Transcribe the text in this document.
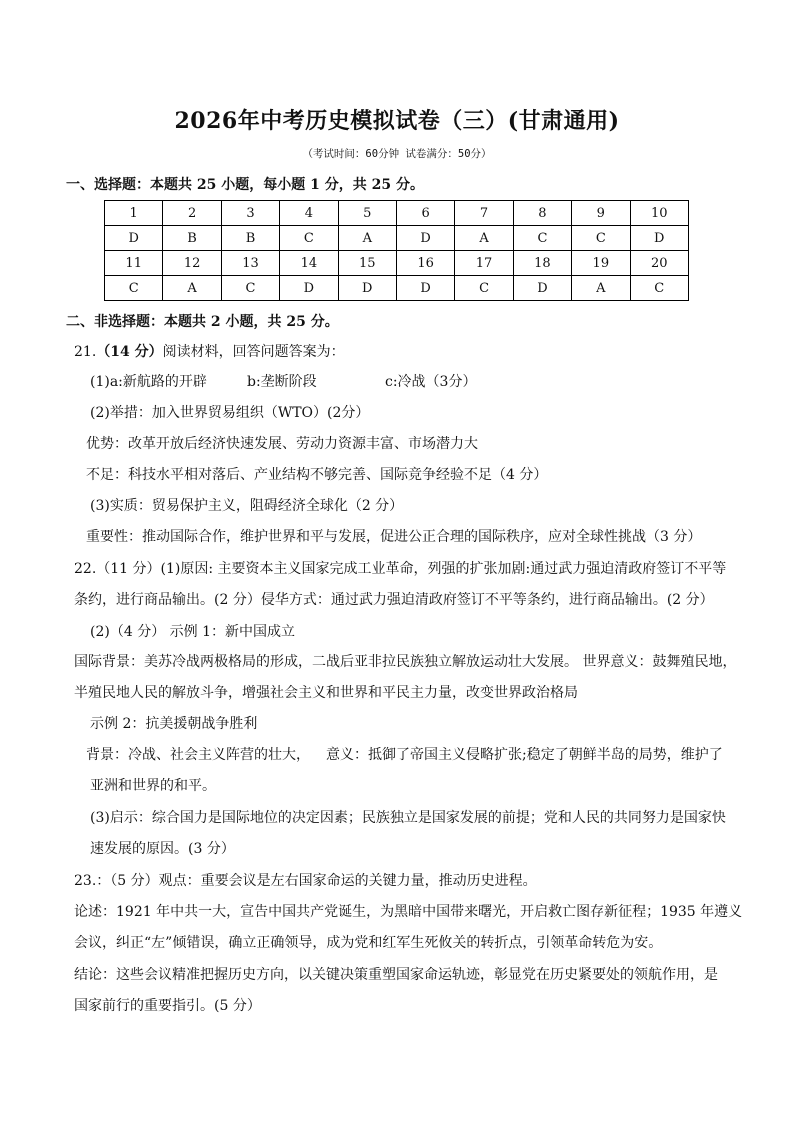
2026年中考历史模拟试卷（三）(甘肃通用)
（考试时间：60分钟 试卷满分：50分）
一、选择题：本题共 25 小题，每小题 1 分，共 25 分。
1	2	3	4	5	6	7	8	9	10
D	B	B	C	A	D	A	C	C	D
11	12	13	14	15	16	17	18	19	20
C	A	C	D	D	D	C	D	A	C
二、非选择题：本题共 2 小题，共 25 分。
21.（14 分）阅读材料，回答问题答案为：
(1)a:新航路的开辟	b:垄断阶段	c:冷战（3分）
(2)举措：加入世界贸易组织（WTO）(2分）
优势：改革开放后经济快速发展、劳动力资源丰富、市场潜力大
不足：科技水平相对落后、产业结构不够完善、国际竞争经验不足（4 分）
(3)实质：贸易保护主义，阻碍经济全球化（2 分）
重要性：推动国际合作，维护世界和平与发展，促进公正合理的国际秩序，应对全球性挑战（3 分）
22.（11 分）(1)原因: 主要资本主义国家完成工业革命，列强的扩张加剧:通过武力强迫清政府签订不平等
条约，进行商品输出。(2 分）侵华方式：通过武力强迫清政府签订不平等条约，进行商品输出。(2 分）
(2)（4 分） 示例 1：新中国成立
国际背景：美苏冷战两极格局的形成，二战后亚非拉民族独立解放运动壮大发展。 世界意义：鼓舞殖民地，
半殖民地人民的解放斗争，增强社会主义和世界和平民主力量，改变世界政治格局
示例 2：抗美援朝战争胜利
背景：冷战、社会主义阵营的壮大， 意义：抵御了帝国主义侵略扩张;稳定了朝鲜半岛的局势，维护了
亚洲和世界的和平。
(3)启示：综合国力是国际地位的决定因素；民族独立是国家发展的前提；党和人民的共同努力是国家快
速发展的原因。(3 分）
23.：（5 分）观点：重要会议是左右国家命运的关键力量，推动历史进程。
论述：1921 年中共一大，宣告中国共产党诞生，为黑暗中国带来曙光，开启救亡图存新征程；1935 年遵义
会议，纠正“左”倾错误，确立正确领导，成为党和红军生死攸关的转折点，引领革命转危为安。
结论：这些会议精准把握历史方向，以关键决策重塑国家命运轨迹，彰显党在历史紧要处的领航作用，是
国家前行的重要指引。(5 分）
